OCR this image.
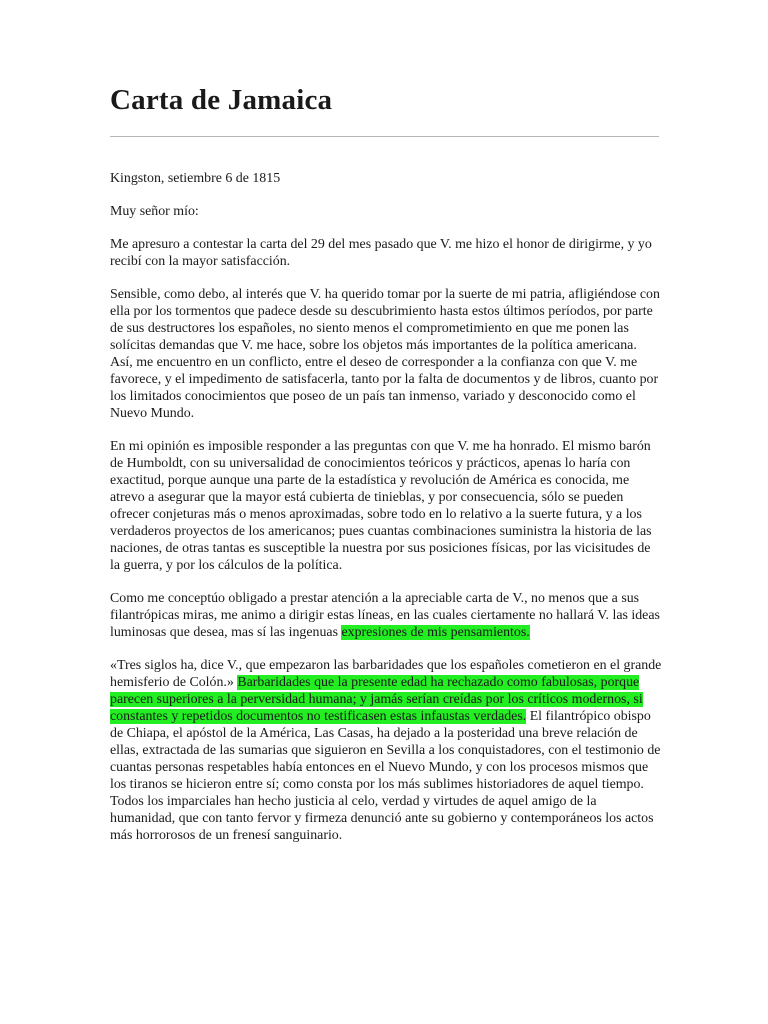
Carta de Jamaica

Kingston, setiembre 6 de 1815

Muy señor mío:

Me apresuro a contestar la carta del 29 del mes pasado que V. me hizo el honor de dirigirme, y yo recibí con la mayor satisfacción.

Sensible, como debo, al interés que V. ha querido tomar por la suerte de mi patria, afligiéndose con ella por los tormentos que padece desde su descubrimiento hasta estos últimos períodos, por parte de sus destructores los españoles, no siento menos el comprometimiento en que me ponen las solícitas demandas que V. me hace, sobre los objetos más importantes de la política americana. Así, me encuentro en un conflicto, entre el deseo de corresponder a la confianza con que V. me favorece, y el impedimento de satisfacerla, tanto por la falta de documentos y de libros, cuanto por los limitados conocimientos que poseo de un país tan inmenso, variado y desconocido como el Nuevo Mundo.

En mi opinión es imposible responder a las preguntas con que V. me ha honrado. El mismo barón de Humboldt, con su universalidad de conocimientos teóricos y prácticos, apenas lo haría con exactitud, porque aunque una parte de la estadística y revolución de América es conocida, me atrevo a asegurar que la mayor está cubierta de tinieblas, y por consecuencia, sólo se pueden ofrecer conjeturas más o menos aproximadas, sobre todo en lo relativo a la suerte futura, y a los verdaderos proyectos de los americanos; pues cuantas combinaciones suministra la historia de las naciones, de otras tantas es susceptible la nuestra por sus posiciones físicas, por las vicisitudes de la guerra, y por los cálculos de la política.

Como me conceptúo obligado a prestar atención a la apreciable carta de V., no menos que a sus filantrópicas miras, me animo a dirigir estas líneas, en las cuales ciertamente no hallará V. las ideas luminosas que desea, mas sí las ingenuas expresiones de mis pensamientos.

«Tres siglos ha, dice V., que empezaron las barbaridades que los españoles cometieron en el grande hemisferio de Colón.» Barbaridades que la presente edad ha rechazado como fabulosas, porque parecen superiores a la perversidad humana; y jamás serían creídas por los críticos modernos, si constantes y repetidos documentos no testificasen estas infaustas verdades. El filantrópico obispo de Chiapa, el apóstol de la América, Las Casas, ha dejado a la posteridad una breve relación de ellas, extractada de las sumarias que siguieron en Sevilla a los conquistadores, con el testimonio de cuantas personas respetables había entonces en el Nuevo Mundo, y con los procesos mismos que los tiranos se hicieron entre sí; como consta por los más sublimes historiadores de aquel tiempo. Todos los imparciales han hecho justicia al celo, verdad y virtudes de aquel amigo de la humanidad, que con tanto fervor y firmeza denunció ante su gobierno y contemporáneos los actos más horrorosos de un frenesí sanguinario.
